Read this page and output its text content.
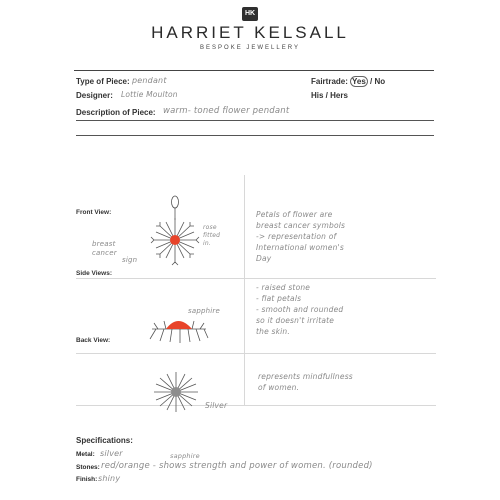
HK
HARRIET KELSALL
BESPOKE JEWELLERY
Type of Piece: pendant	Fairtrade: Yes / No
Designer: Lottie Moulton	His / Hers
Description of Piece: warm- toned flower pendant
Front View:
Side Views:
Back View:
breast
cancer
sign
rose
fitted
in.
sapphire
Silver
Petals of flower are
breast cancer symbols
-> representation of
International women's
Day
- raised stone
- flat petals
- smooth and rounded
so it doesn't irritate
the skin.
represents mindfullness
of women.
Specifications:
Metal: silver	sapphire
Stones: red/orange - shows strength and power of women. (rounded)
Finish: shiny
